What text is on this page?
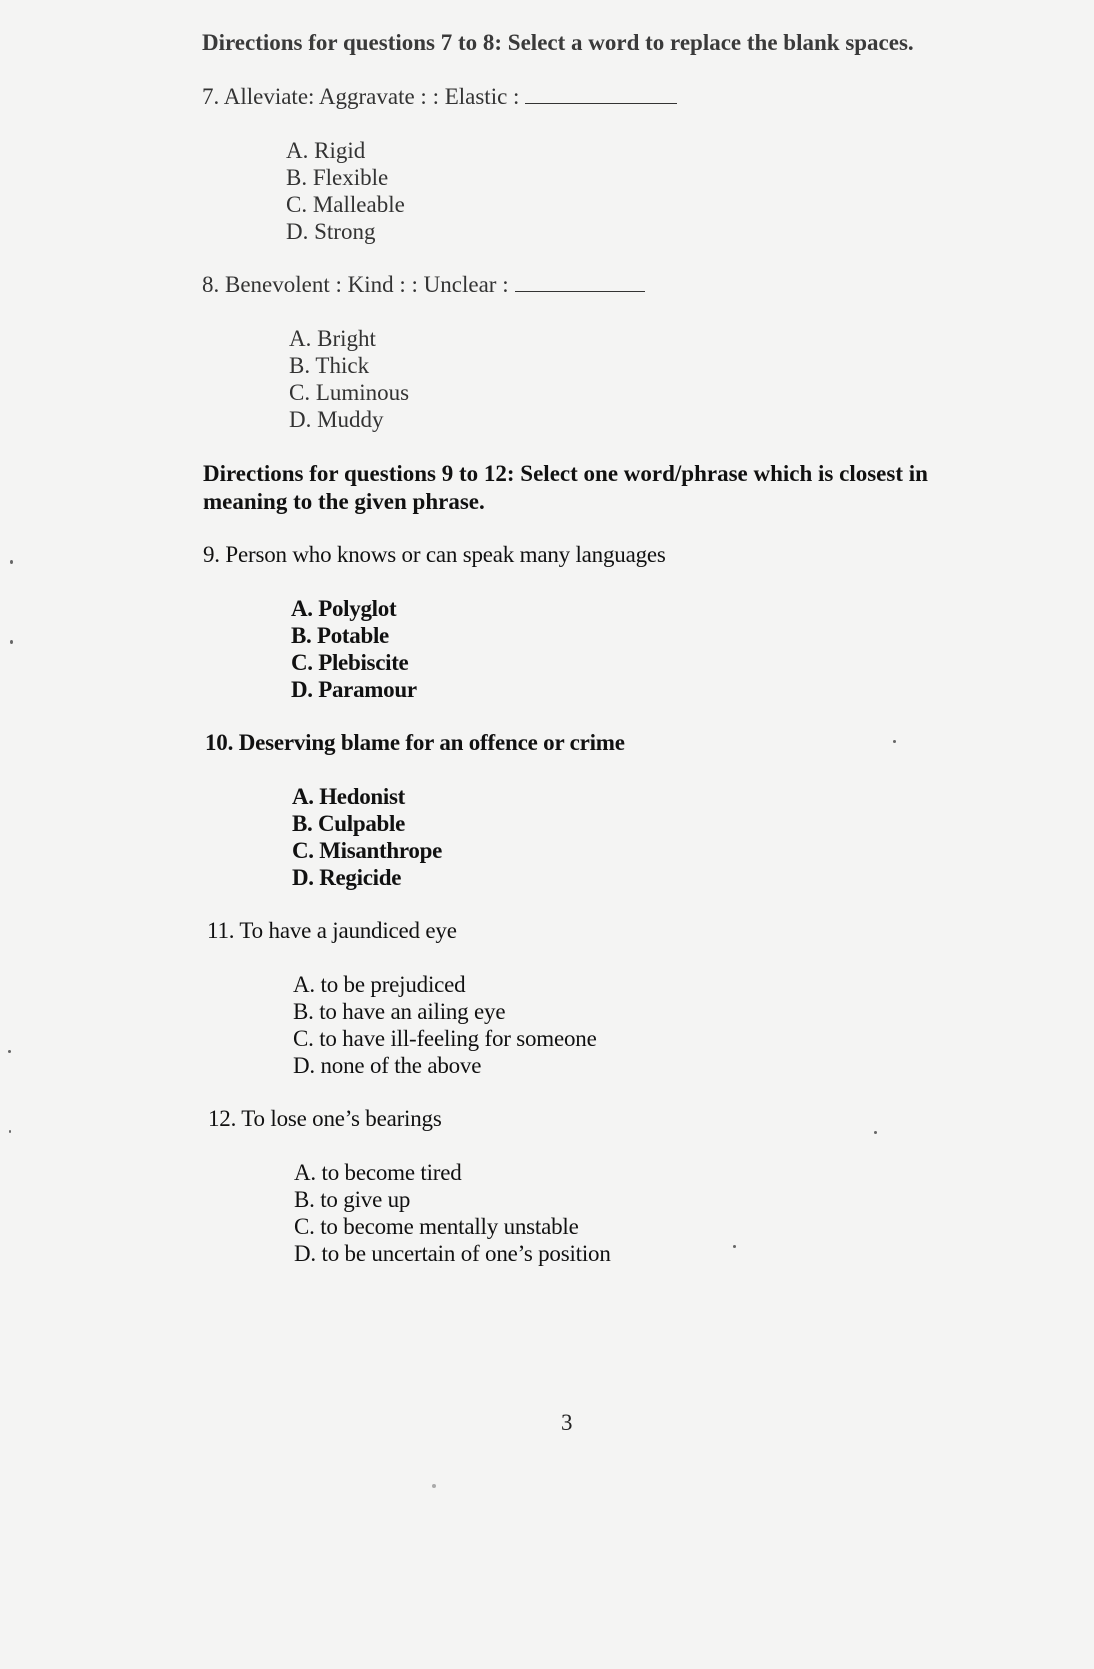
Directions for questions 7 to 8: Select a word to replace the blank spaces.
7. Alleviate: Aggravate : : Elastic :
A. Rigid
B. Flexible
C. Malleable
D. Strong
8. Benevolent : Kind : : Unclear :
A. Bright
B. Thick
C. Luminous
D. Muddy
Directions for questions 9 to 12: Select one word/phrase which is closest in
meaning to the given phrase.
9. Person who knows or can speak many languages
A. Polyglot
B. Potable
C. Plebiscite
D. Paramour
10. Deserving blame for an offence or crime
A. Hedonist
B. Culpable
C. Misanthrope
D. Regicide
11. To have a jaundiced eye
A. to be prejudiced
B. to have an ailing eye
C. to have ill-feeling for someone
D. none of the above
12. To lose one’s bearings
A. to become tired
B. to give up
C. to become mentally unstable
D. to be uncertain of one’s position
3
